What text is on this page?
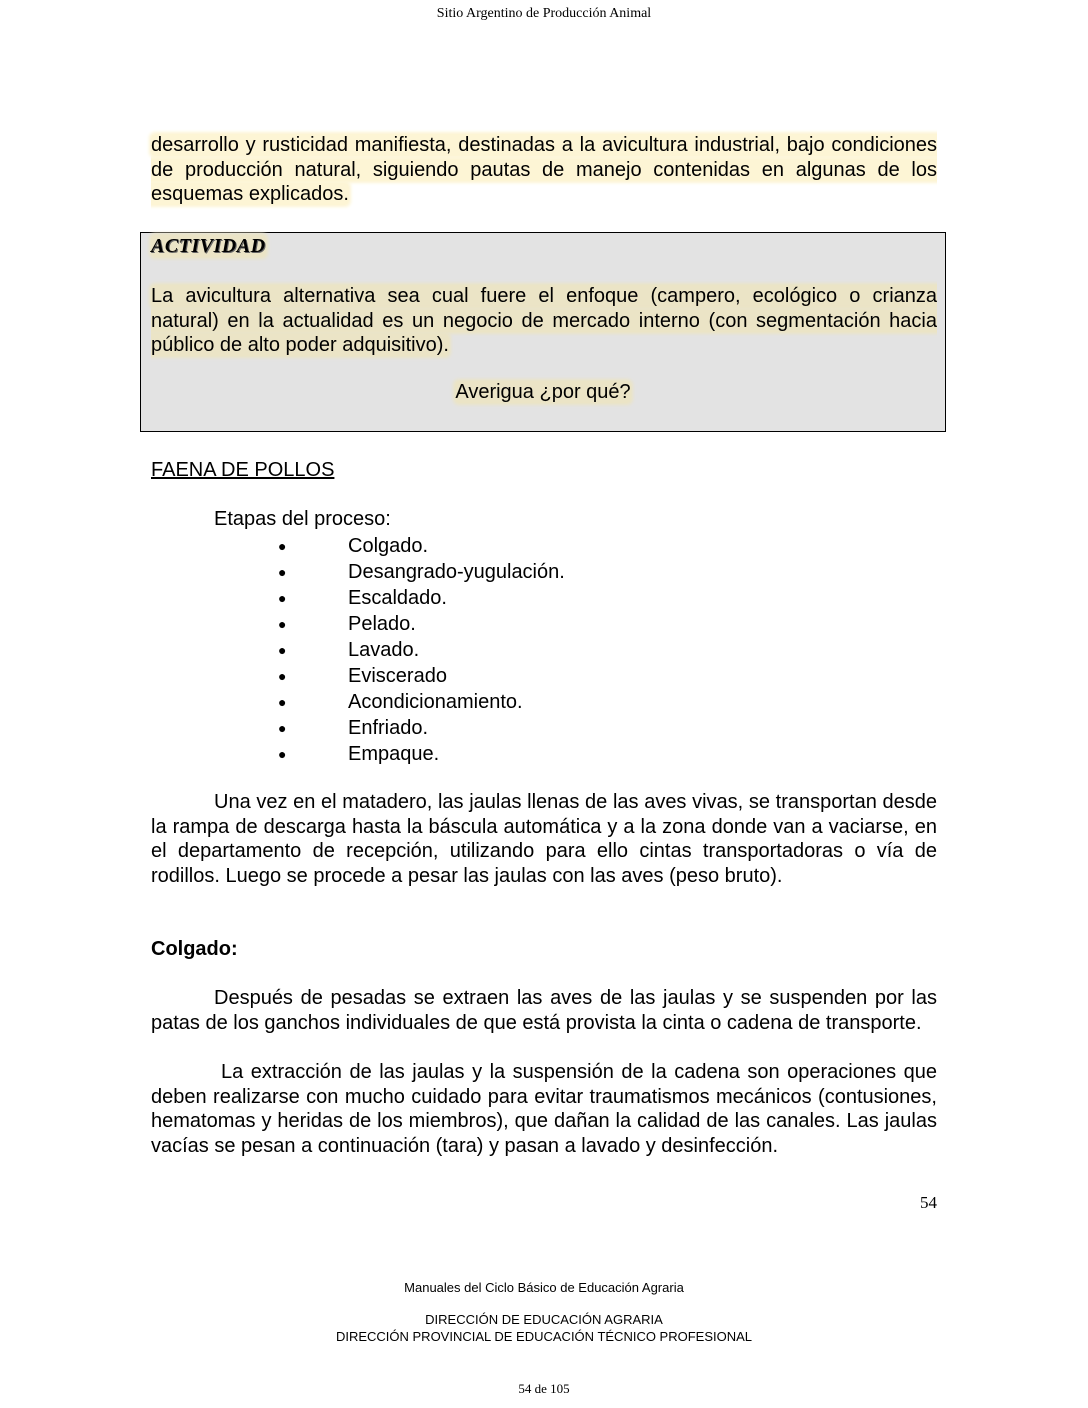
Sitio Argentino de Producción Animal
desarrollo y rusticidad manifiesta, destinadas a la avicultura industrial, bajo condiciones de producción natural, siguiendo pautas de manejo contenidas en algunas de los esquemas explicados.
ACTIVIDAD
La avicultura alternativa sea cual fuere el enfoque (campero, ecológico o crianza natural) en la actualidad es un negocio de mercado interno (con segmentación hacia público de alto poder adquisitivo).
Averigua ¿por qué?
FAENA DE POLLOS
Etapas del proceso:
●	Colgado.
●	Desangrado-yugulación.
●	Escaldado.
●	Pelado.
●	Lavado.
●	Eviscerado
●	Acondicionamiento.
●	Enfriado.
●	Empaque.
Una vez en el matadero, las jaulas llenas de las aves vivas, se transportan desde la rampa de descarga hasta la báscula automática y a la zona donde van a vaciarse, en el departamento de recepción, utilizando para ello cintas transportadoras o vía de rodillos. Luego se procede a pesar las jaulas con las aves (peso bruto).
Colgado:
Después de pesadas se extraen las aves de las jaulas y se suspenden por las patas de los ganchos individuales de que está provista la cinta o cadena de transporte.
La extracción de las jaulas y la suspensión de la cadena son operaciones que deben realizarse con mucho cuidado para evitar traumatismos mecánicos (contusiones, hematomas y heridas de los miembros), que dañan la calidad de las canales. Las jaulas vacías se pesan a continuación (tara) y pasan a lavado y desinfección.
54
Manuales del Ciclo Básico de Educación Agraria
DIRECCIÓN DE EDUCACIÓN AGRARIA
DIRECCIÓN PROVINCIAL DE EDUCACIÓN TÉCNICO PROFESIONAL
54 de 105
